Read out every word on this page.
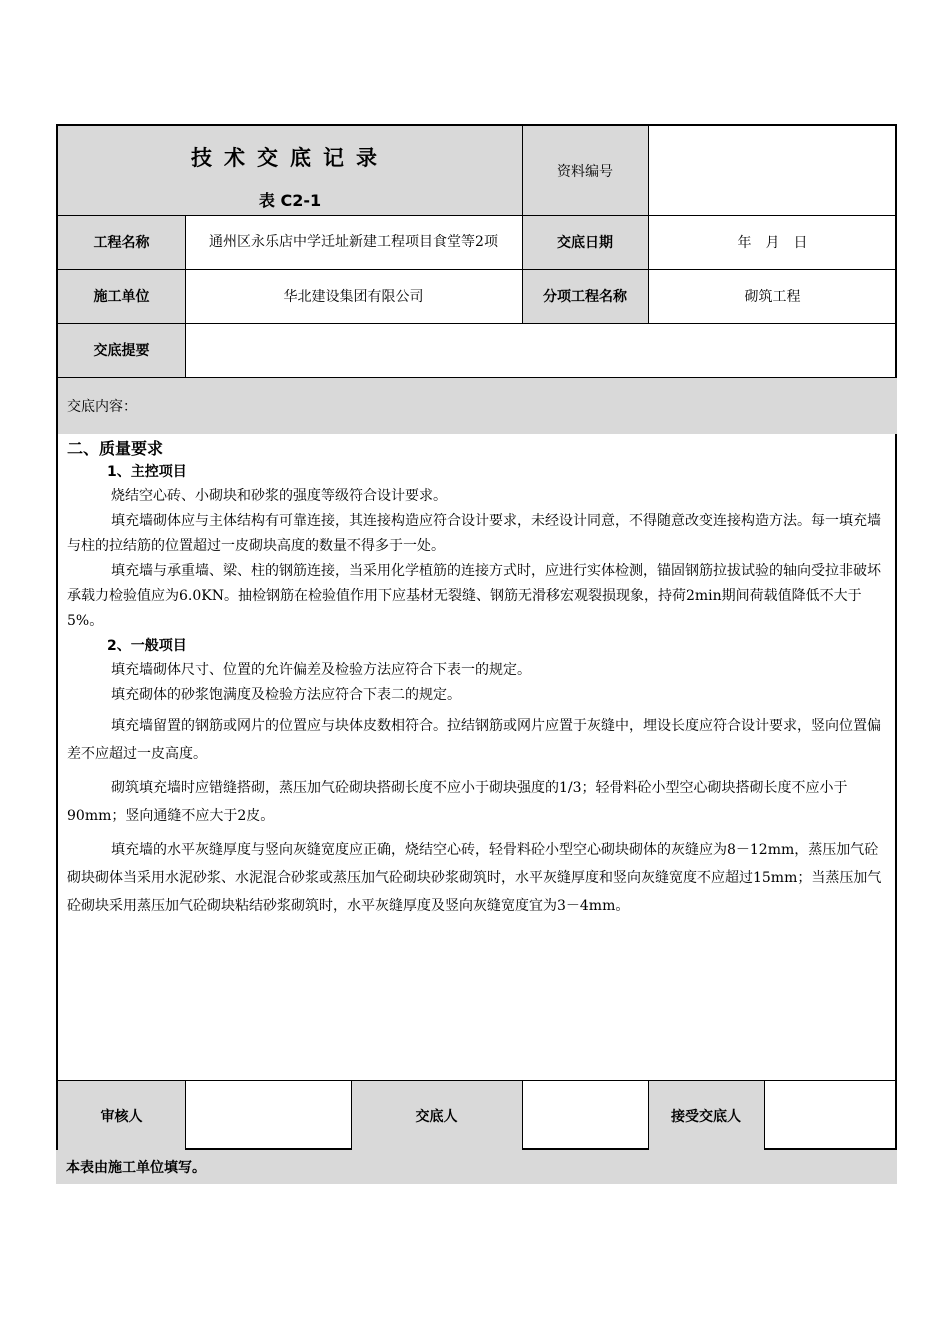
技术交底记录
表 C2-1
资料编号
工程名称	通州区永乐店中学迁址新建工程项目食堂等2项	交底日期	年　月　日
施工单位	华北建设集团有限公司	分项工程名称	砌筑工程
交底提要
交底内容：

二、质量要求

1、主控项目

烧结空心砖、小砌块和砂浆的强度等级符合设计要求。

填充墙砌体应与主体结构有可靠连接，其连接构造应符合设计要求，未经设计同意，不得随意改变连接构造方法。每一填充墙与柱的拉结筋的位置超过一皮砌块高度的数量不得多于一处。

填充墙与承重墙、梁、柱的钢筋连接，当采用化学植筋的连接方式时，应进行实体检测，锚固钢筋拉拔试验的轴向受拉非破坏承载力检验值应为6.0KN。抽检钢筋在检验值作用下应基材无裂缝、钢筋无滑移宏观裂损现象，持荷2min期间荷载值降低不大于5%。

2、一般项目

填充墙砌体尺寸、位置的允许偏差及检验方法应符合下表一的规定。

填充砌体的砂浆饱满度及检验方法应符合下表二的规定。

填充墙留置的钢筋或网片的位置应与块体皮数相符合。拉结钢筋或网片应置于灰缝中，埋设长度应符合设计要求，竖向位置偏差不应超过一皮高度。

砌筑填充墙时应错缝搭砌，蒸压加气砼砌块搭砌长度不应小于砌块强度的1/3；轻骨料砼小型空心砌块搭砌长度不应小于90mm；竖向通缝不应大于2皮。

填充墙的水平灰缝厚度与竖向灰缝宽度应正确，烧结空心砖，轻骨料砼小型空心砌块砌体的灰缝应为8－12mm，蒸压加气砼砌块砌体当采用水泥砂浆、水泥混合砂浆或蒸压加气砼砌块砂浆砌筑时，水平灰缝厚度和竖向灰缝宽度不应超过15mm；当蒸压加气砼砌块采用蒸压加气砼砌块粘结砂浆砌筑时，水平灰缝厚度及竖向灰缝宽度宜为3－4mm。

审核人	交底人	接受交底人
本表由施工单位填写。
